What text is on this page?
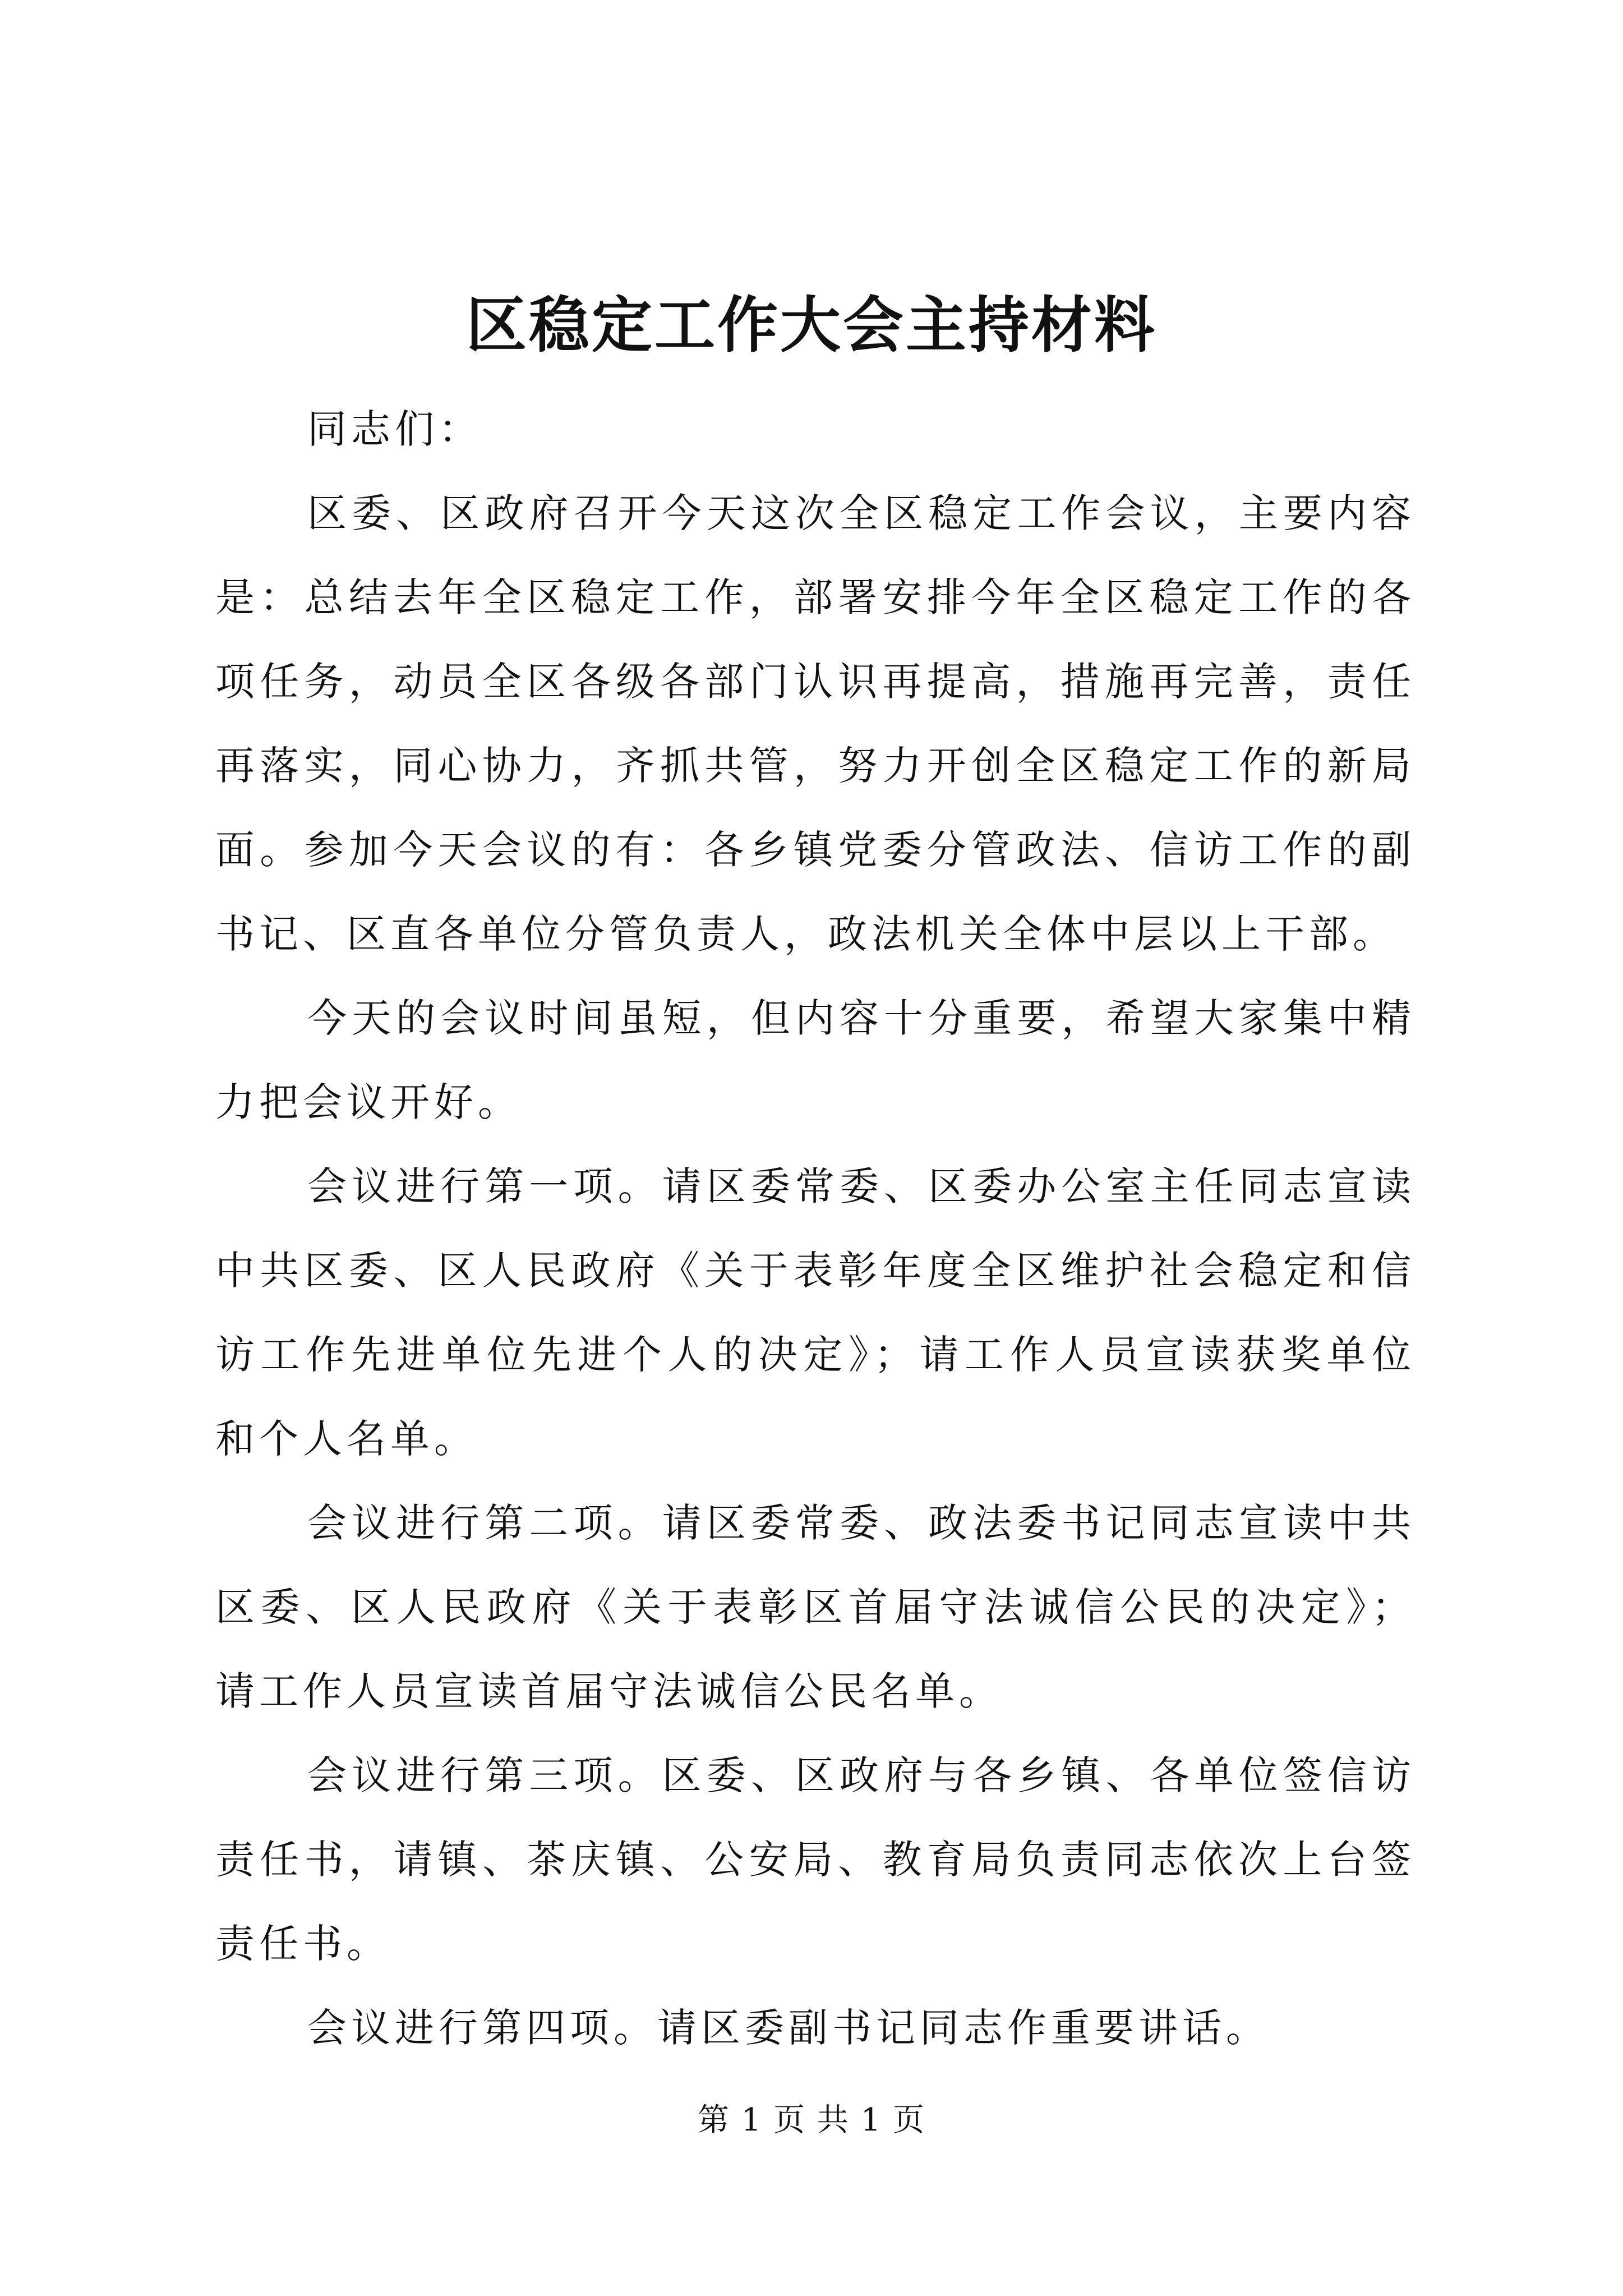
区稳定工作大会主持材料

同志们：

区委、区政府召开今天这次全区稳定工作会议，主要内容是：总结去年全区稳定工作，部署安排今年全区稳定工作的各项任务，动员全区各级各部门认识再提高，措施再完善，责任再落实，同心协力，齐抓共管，努力开创全区稳定工作的新局面。参加今天会议的有：各乡镇党委分管政法、信访工作的副书记、区直各单位分管负责人，政法机关全体中层以上干部。

今天的会议时间虽短，但内容十分重要，希望大家集中精力把会议开好。

会议进行第一项。请区委常委、区委办公室主任同志宣读中共区委、区人民政府《关于表彰年度全区维护社会稳定和信访工作先进单位先进个人的决定》；请工作人员宣读获奖单位和个人名单。

会议进行第二项。请区委常委、政法委书记同志宣读中共区委、区人民政府《关于表彰区首届守法诚信公民的决定》；请工作人员宣读首届守法诚信公民名单。

会议进行第三项。区委、区政府与各乡镇、各单位签信访责任书，请镇、茶庆镇、公安局、教育局负责同志依次上台签责任书。

会议进行第四项。请区委副书记同志作重要讲话。

第 1 页 共 1 页
